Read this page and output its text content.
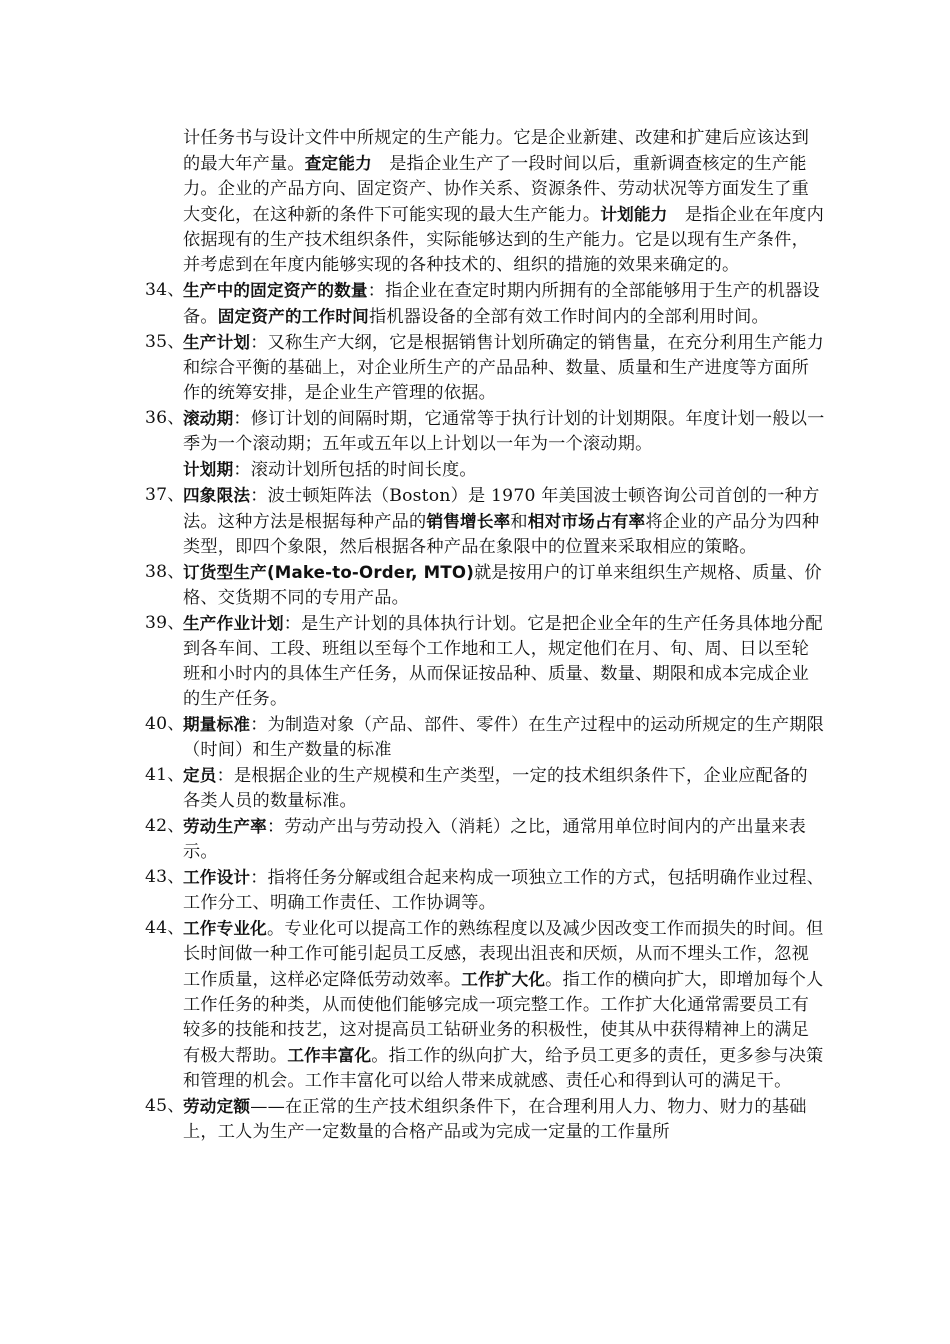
计任务书与设计文件中所规定的生产能力。它是企业新建、改建和扩建后应该达到的最大年产量。查定能力　是指企业生产了一段时间以后，重新调查核定的生产能力。企业的产品方向、固定资产、协作关系、资源条件、劳动状况等方面发生了重大变化，在这种新的条件下可能实现的最大生产能力。计划能力　是指企业在年度内依据现有的生产技术组织条件，实际能够达到的生产能力。它是以现有生产条件，并考虑到在年度内能够实现的各种技术的、组织的措施的效果来确定的。
34、
生产中的固定资产的数量：指企业在查定时期内所拥有的全部能够用于生产的机器设备。固定资产的工作时间指机器设备的全部有效工作时间内的全部利用时间。
35、
生产计划：又称生产大纲，它是根据销售计划所确定的销售量，在充分利用生产能力和综合平衡的基础上，对企业所生产的产品品种、数量、质量和生产进度等方面所作的统筹安排，是企业生产管理的依据。
36、
滚动期：修订计划的间隔时期，它通常等于执行计划的计划期限。年度计划一般以一季为一个滚动期；五年或五年以上计划以一年为一个滚动期。
计划期：滚动计划所包括的时间长度。
37、
四象限法：波士顿矩阵法（Boston）是 1970 年美国波士顿咨询公司首创的一种方法。这种方法是根据每种产品的销售增长率和相对市场占有率将企业的产品分为四种类型，即四个象限，然后根据各种产品在象限中的位置来采取相应的策略。
38、
订货型生产(Make-to-Order, MTO)就是按用户的订单来组织生产规格、质量、价格、交货期不同的专用产品。
39、
生产作业计划：是生产计划的具体执行计划。它是把企业全年的生产任务具体地分配到各车间、工段、班组以至每个工作地和工人，规定他们在月、旬、周、日以至轮班和小时内的具体生产任务，从而保证按品种、质量、数量、期限和成本完成企业的生产任务。
40、
期量标准：为制造对象（产品、部件、零件）在生产过程中的运动所规定的生产期限（时间）和生产数量的标准
41、
定员：是根据企业的生产规模和生产类型，一定的技术组织条件下，企业应配备的各类人员的数量标准。
42、
劳动生产率：劳动产出与劳动投入（消耗）之比，通常用单位时间内的产出量来表示。
43、
工作设计：指将任务分解或组合起来构成一项独立工作的方式，包括明确作业过程、工作分工、明确工作责任、工作协调等。
44、
工作专业化。专业化可以提高工作的熟练程度以及减少因改变工作而损失的时间。但长时间做一种工作可能引起员工反感，表现出沮丧和厌烦，从而不埋头工作，忽视工作质量，这样必定降低劳动效率。工作扩大化。指工作的横向扩大，即增加每个人工作任务的种类，从而使他们能够完成一项完整工作。工作扩大化通常需要员工有较多的技能和技艺，这对提高员工钻研业务的积极性，使其从中获得精神上的满足有极大帮助。工作丰富化。指工作的纵向扩大，给予员工更多的责任，更多参与决策和管理的机会。工作丰富化可以给人带来成就感、责任心和得到认可的满足干。
45、
劳动定额——在正常的生产技术组织条件下，在合理利用人力、物力、财力的基础上，工人为生产一定数量的合格产品或为完成一定量的工作量所
